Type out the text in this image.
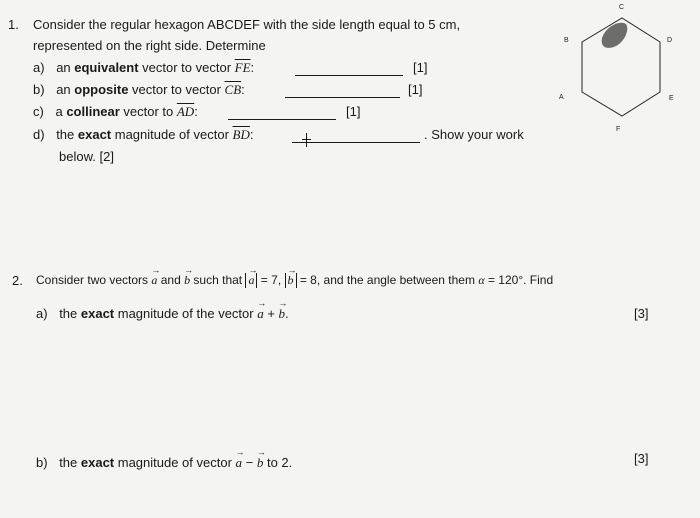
1. Consider the regular hexagon ABCDEF with the side length equal to 5 cm,
represented on the right side. Determine
a) an equivalent vector to vector $\overline{FE}$:	[1]
b) an opposite vector to vector $\overline{CB}$:	[1]
c) a collinear vector to $\overline{AD}$:	[1]
d) the exact magnitude of vector $\overline{BD}$:	. Show your work
below. [2]
C
B	D
A	E
F
2. Consider two vectors
→
a and
→
b such that
→
a = 7,
→
b = 8, and the angle between them α = 120°. Find
a) the exact magnitude of the vector
→
a +
→
b.	[3]
b) the exact magnitude of vector
→
a −
→
b to 2.	[3]
